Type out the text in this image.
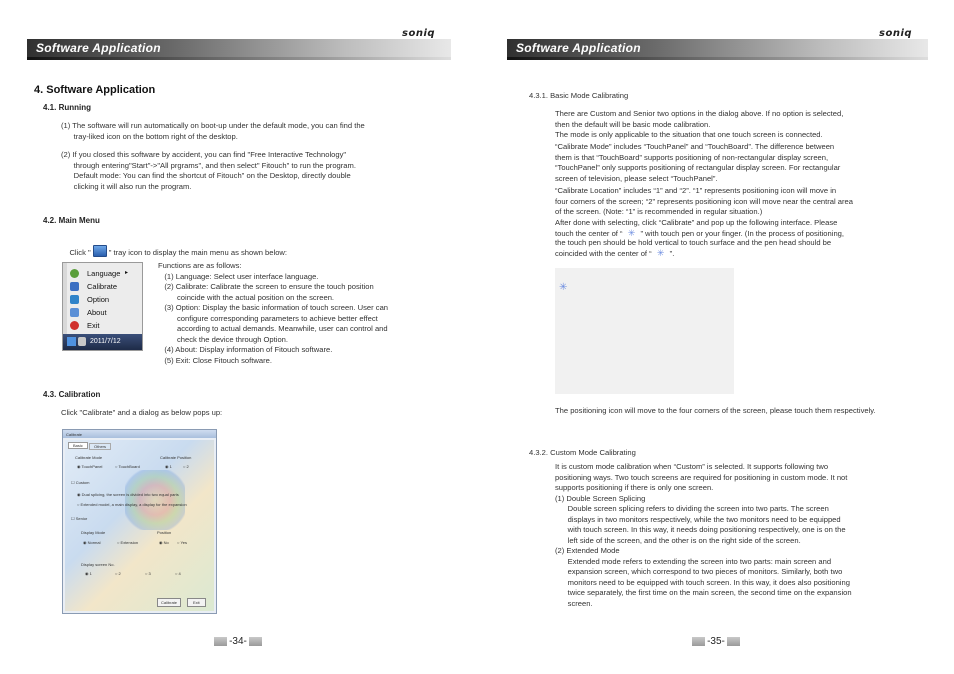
soniq
Software Application
4. Software Application
4.1. Running
(1) The software will run automatically on boot-up under the default mode, you can find the
tray-liked icon on the bottom right of the desktop.
(2) If you closed this software by accident, you can find "Free Interactive Technology"
through entering"Start"->"All prgrams", and then select" Fitouch" to run the program.
Default mode: You can find the shortcut of Fitouch" on the Desktop, directly double
clicking it will also run the program.
4.2. Main Menu

Click " " tray icon to display the main menu as shown below:

Language ▸
Calibrate
Option
About
Exit
2011/7/12
Functions are as follows:
(1) Language: Select user interface language.
(2) Calibrate: Calibrate the screen to ensure the touch position
coincide with the actual position on the screen.
(3) Option: Display the basic information of touch screen. User can
configure corresponding parameters to achieve better effect
according to actual demands. Meanwhile, user can control and
check the device through Option.
(4) About: Display information of Fitouch software.
(5) Exit: Close Fitouch software.
4.3. Calibration
Click "Calibrate" and a dialog as below pops up:
Calibrate
Basic	Others
Calibrate Mode	Calibrate Position
◉ TouchPanel	○ TouchBoard	◉ 1	○ 2
☐ Custom
◉ Dual splicing, the screen is divided into two equal parts
○ Extended model, a main display, a display for the expansion
☐ Senior
Display Mode	Position
◉ Normal	○ Extension	◉ No ○ Yes
Display screen No.
◉ 1	○ 2	○ 3	○ 4
Calibrate	Exit
-34-
soniq
Software Application
4.3.1. Basic Mode Calibrating
There are Custom and Senior two options in the dialog above. If no option is selected,
then the default will be basic mode calibration.
The mode is only applicable to the situation that one touch screen is connected.
“Calibrate Mode” includes “TouchPanel” and “TouchBoard”. The difference between
them is that “TouchBoard” supports positioning of non-rectangular display screen,
“TouchPanel” only supports positioning of rectangular display screen. For rectangular
screen of television, please select “TouchPanel”.
“Calibrate Location” includes “1” and “2”. “1” represents positioning icon will move in
four corners of the screen; “2” represents positioning icon will move near the central area
of the screen. (Note: “1” is recommended in regular situation.)
After done with selecting, click “Calibrate” and pop up the following interface. Please
touch the center of “ ✳ ” with touch pen or your finger. (In the process of positioning,
the touch pen should be hold vertical to touch surface and the pen head should be
coincided with the center of “ ✳ ”.
✳
The positioning icon will move to the four corners of the screen, please touch them respectively.
4.3.2. Custom Mode Calibrating
It is custom mode calibration when “Custom” is selected. It supports following two
positioning ways. Two touch screens are required for positioning in custom mode. It not
supports positioning if there is only one screen.
(1) Double Screen Splicing
Double screen splicing refers to dividing the screen into two parts. The screen
displays in two monitors respectively, while the two monitors need to be equipped
with touch screen. In this way, it needs doing positioning respectively, one is on the
left side of the screen, and the other is on the right side of the screen.
(2) Extended Mode
Extended mode refers to extending the screen into two parts: main screen and
expansion screen, which correspond to two pieces of monitors. Similarly, both two
monitors need to be equipped with touch screen. In this way, it does also positioning
twice separately, the first time on the main screen, the second time on the expansion
screen.
-35-
